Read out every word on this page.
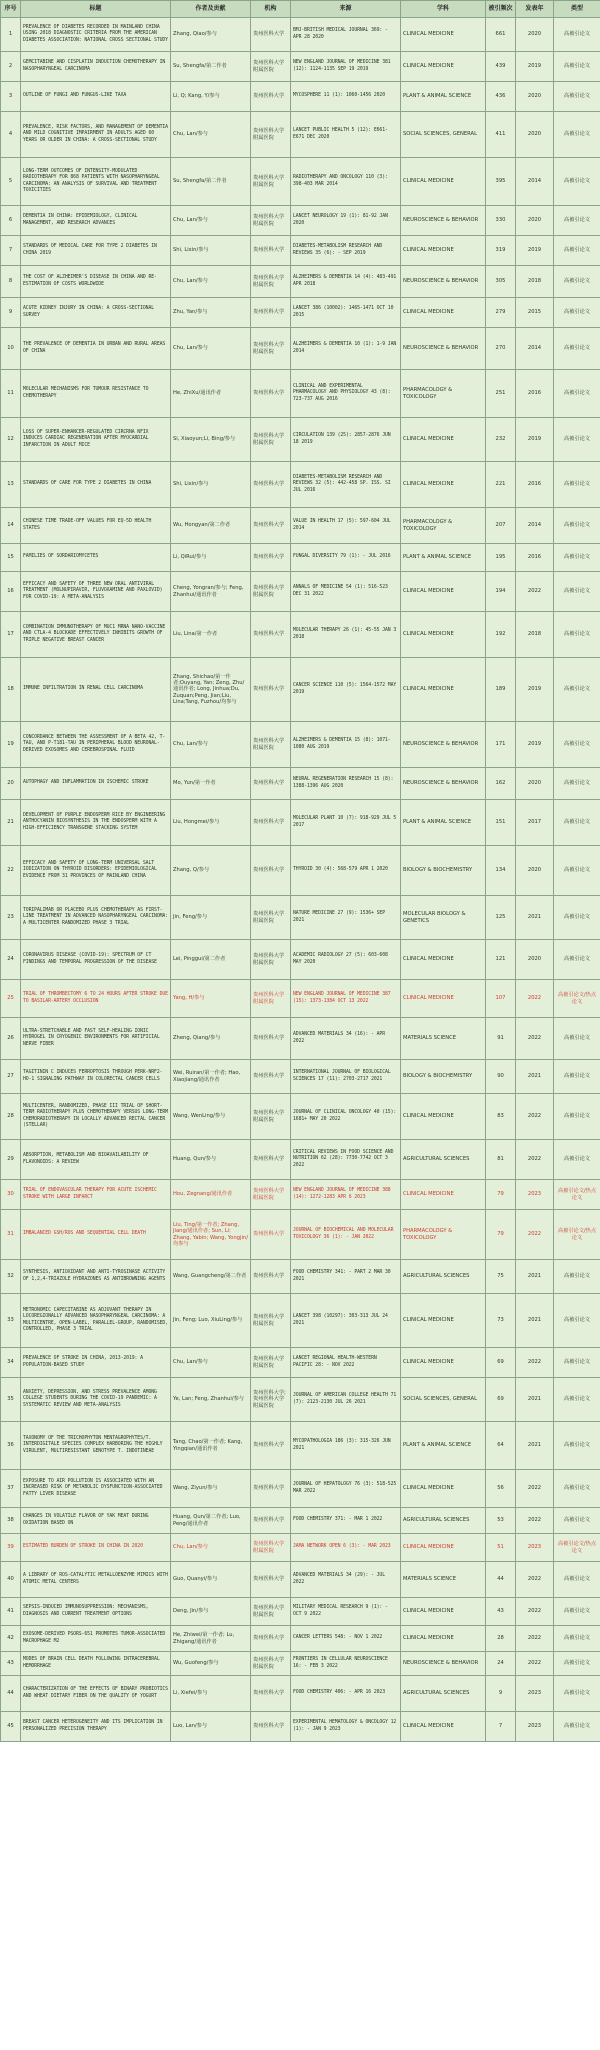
序号	标题	作者及贡献	机构	来源	学科	被引频次	发表年	类型
1	PREVALENCE OF DIABETES RECORDED IN MAINLAND CHINA USING 2018 DIAGNOSTIC CRITERIA FROM THE AMERICAN DIABETES ASSOCIATION: NATIONAL CROSS SECTIONAL STUDY	Zhang, Qiao/参与	贵州医科大学	BMJ-BRITISH MEDICAL JOURNAL 369: - APR 28 2020	CLINICAL MEDICINE	661	2020	高被引论文
2	GEMCITABINE AND CISPLATIN INDUCTION CHEMOTHERAPY IN NASOPHARYNGEAL CARCINOMA	Su, Shengfa/第二作者	贵州医科大学附属医院	NEW ENGLAND JOURNAL OF MEDICINE 381 (12): 1124-1135 SEP 19 2019	CLINICAL MEDICINE	439	2019	高被引论文
3	OUTLINE OF FUNGI AND FUNGUS-LIKE TAXA	Li, Q; Kang, Y/参与	贵州医科大学	MYCOSPHERE 11 (1): 1060-1456 2020	PLANT & ANIMAL SCIENCE	436	2020	高被引论文
4	PREVALENCE, RISK FACTORS, AND MANAGEMENT OF DEMENTIA AND MILD COGNITIVE IMPAIRMENT IN ADULTS AGED 60 YEARS OR OLDER IN CHINA: A CROSS-SECTIONAL STUDY	Chu, Lan/参与	贵州医科大学附属医院	LANCET PUBLIC HEALTH 5 (12): E661-E671 DEC 2020	SOCIAL SCIENCES, GENERAL	411	2020	高被引论文
5	LONG-TERM OUTCOMES OF INTENSITY-MODULATED RADIOTHERAPY FOR 868 PATIENTS WITH NASOPHARYNGEAL CARCINOMA: AN ANALYSIS OF SURVIVAL AND TREATMENT TOXICITIES	Su, Shengfa/第二作者	贵州医科大学附属医院	RADIOTHERAPY AND ONCOLOGY 110 (3): 398-403 MAR 2014	CLINICAL MEDICINE	395	2014	高被引论文
6	DEMENTIA IN CHINA: EPIDEMIOLOGY, CLINICAL MANAGEMENT, AND RESEARCH ADVANCES	Chu, Lan/参与	贵州医科大学附属医院	LANCET NEUROLOGY 19 (1): 81-92 JAN 2020	NEUROSCIENCE & BEHAVIOR	330	2020	高被引论文
7	STANDARDS OF MEDICAL CARE FOR TYPE 2 DIABETES IN CHINA 2019	Shi, Lixin/参与	贵州医科大学	DIABETES-METABOLISM RESEARCH AND REVIEWS 35 (6): - SEP 2019	CLINICAL MEDICINE	319	2019	高被引论文
8	THE COST OF ALZHEIMER'S DISEASE IN CHINA AND RE-ESTIMATION OF COSTS WORLDWIDE	Chu, Lan/参与	贵州医科大学附属医院	ALZHEIMERS & DEMENTIA 14 (4): 483-491 APR 2018	NEUROSCIENCE & BEHAVIOR	305	2018	高被引论文
9	ACUTE KIDNEY INJURY IN CHINA: A CROSS-SECTIONAL SURVEY	Zhu, Yan/参与	贵州医科大学	LANCET 386 (10002): 1465-1471 OCT 10 2015	CLINICAL MEDICINE	279	2015	高被引论文
10	THE PREVALENCE OF DEMENTIA IN URBAN AND RURAL AREAS OF CHINA	Chu, Lan/参与	贵州医科大学附属医院	ALZHEIMERS & DEMENTIA 10 (1): 1-9 JAN 2014	NEUROSCIENCE & BEHAVIOR	270	2014	高被引论文
11	MOLECULAR MECHANISMS FOR TUMOUR RESISTANCE TO CHEMOTHERAPY	He, ZhiXu/通讯作者	贵州医科大学	CLINICAL AND EXPERIMENTAL PHARMACOLOGY AND PHYSIOLOGY 43 (8): 723-737 AUG 2016	PHARMACOLOGY & TOXICOLOGY	251	2016	高被引论文
12	LOSS OF SUPER-ENHANCER-REGULATED CIRCRNA NFIX INDUCES CARDIAC REGENERATION AFTER MYOCARDIAL INFARCTION IN ADULT MICE	Si, Xiaoyun;Li, Bing/参与	贵州医科大学附属医院	CIRCULATION 139 (25): 2857-2876 JUN 18 2019	CLINICAL MEDICINE	232	2019	高被引论文
13	STANDARDS OF CARE FOR TYPE 2 DIABETES IN CHINA	Shi, Lixin/参与	贵州医科大学	DIABETES-METABOLISM RESEARCH AND REVIEWS 32 (5): 442-458 SP. ISS. SI JUL 2016	CLINICAL MEDICINE	221	2016	高被引论文
14	CHINESE TIME TRADE-OFF VALUES FOR EQ-5D HEALTH STATES	Wu, Hongyan/第二作者	贵州医科大学	VALUE IN HEALTH 17 (5): 597-604 JUL 2014	PHARMACOLOGY & TOXICOLOGY	207	2014	高被引论文
15	FAMILIES OF SORDARIOMYCETES	Li, QiRui/参与	贵州医科大学	FUNGAL DIVERSITY 79 (1): - JUL 2016	PLANT & ANIMAL SCIENCE	195	2016	高被引论文
16	EFFICACY AND SAFETY OF THREE NEW ORAL ANTIVIRAL TREATMENT (MOLNUPIRAVIR, FLUVOXAMINE AND PAXLOVID) FOR COVID-19: A META-ANALYSIS	Cheng, Yongran/参与; Feng, Zhanhui/通讯作者	贵州医科大学附属医院	ANNALS OF MEDICINE 54 (1): 516-523 DEC 31 2022	CLINICAL MEDICINE	194	2022	高被引论文
17	COMBINATION IMMUNOTHERAPY OF MUC1 MRNA NANO-VACCINE AND CTLA-4 BLOCKADE EFFECTIVELY INHIBITS GROWTH OF TRIPLE NEGATIVE BREAST CANCER	Liu, Lina/第一作者	贵州医科大学	MOLECULAR THERAPY 26 (1): 45-55 JAN 3 2018	CLINICAL MEDICINE	192	2018	高被引论文
18	IMMUNE INFILTRATION IN RENAL CELL CARCINOMA	Zhang, Shichao/第一作者;Ouyang, Yan; Zeng, Zhu/通讯作者; Long, Jinhua;Du, Zuquan;Peng, Jian;Liu, Lina;Tang, Fuzhou/均参与	贵州医科大学	CANCER SCIENCE 110 (5): 1564-1572 MAY 2019	CLINICAL MEDICINE	189	2019	高被引论文
19	CONCORDANCE BETWEEN THE ASSESSMENT OF A BETA 42, T-TAU, AND P-T181-TAU IN PERIPHERAL BLOOD NEURONAL-DERIVED EXOSOMES AND CEREBROSPINAL FLUID	Chu, Lan/参与	贵州医科大学附属医院	ALZHEIMERS & DEMENTIA 15 (8): 1071-1080 AUG 2019	NEUROSCIENCE & BEHAVIOR	171	2019	高被引论文
20	AUTOPHAGY AND INFLAMMATION IN ISCHEMIC STROKE	Mo, Yun/第一作者	贵州医科大学	NEURAL REGENERATION RESEARCH 15 (8): 1388-1396 AUG 2020	NEUROSCIENCE & BEHAVIOR	162	2020	高被引论文
21	DEVELOPMENT OF PURPLE ENDOSPERM RICE BY ENGINEERING ANTHOCYANIN BIOSYNTHESIS IN THE ENDOSPERM WITH A HIGH-EFFICIENCY TRANSGENE STACKING SYSTEM	Liu, Hongmei/参与	贵州医科大学	MOLECULAR PLANT 10 (7): 918-929 JUL 5 2017	PLANT & ANIMAL SCIENCE	151	2017	高被引论文
22	EFFICACY AND SAFETY OF LONG-TERM UNIVERSAL SALT IODIZATION ON THYROID DISORDERS: EPIDEMIOLOGICAL EVIDENCE FROM 31 PROVINCES OF MAINLAND CHINA	Zhang, Q/参与	贵州医科大学	THYROID 30 (4): 568-579 APR 1 2020	BIOLOGY & BIOCHEMISTRY	134	2020	高被引论文
23	TORIPALIMAB OR PLACEBO PLUS CHEMOTHERAPY AS FIRST-LINE TREATMENT IN ADVANCED NASOPHARYNGEAL CARCINOMA: A MULTICENTER RANDOMIZED PHASE 3 TRIAL	Jin, Feng/参与	贵州医科大学附属医院	NATURE MEDICINE 27 (9): 1536+ SEP 2021	MOLECULAR BIOLOGY & GENETICS	125	2021	高被引论文
24	CORONAVIRUS DISEASE (COVID-19): SPECTRUM OF CT FINDINGS AND TEMPORAL PROGRESSION OF THE DISEASE	Lei, Pinggui/第二作者	贵州医科大学附属医院	ACADEMIC RADIOLOGY 27 (5): 603-608 MAY 2020	CLINICAL MEDICINE	121	2020	高被引论文
25	TRIAL OF THROMBECTOMY 6 TO 24 HOURS AFTER STROKE DUE TO BASILAR-ARTERY OCCLUSION	Yang, H/参与	贵州医科大学附属医院	NEW ENGLAND JOURNAL OF MEDICINE 387 (15): 1373-1384 OCT 13 2022	CLINICAL MEDICINE	107	2022	高被引论文/热点论文
26	ULTRA-STRETCHABLE AND FAST SELF-HEALING IONIC HYDROGEL IN CRYOGENIC ENVIRONMENTS FOR ARTIFICIAL NERVE FIBER	Zheng, Qiang/参与	贵州医科大学	ADVANCED MATERIALS 34 (16): - APR 2022	MATERIALS SCIENCE	91	2022	高被引论文
27	TAGITININ C INDUCES FERROPTOSIS THROUGH PERK-NRF2-HO-1 SIGNALING PATHWAY IN COLORECTAL CANCER CELLS	Wei, Ruiran/第一作者; Hao, Xiaojiang/通讯作者	贵州医科大学	INTERNATIONAL JOURNAL OF BIOLOGICAL SCIENCES 17 (11): 2703-2717 2021	BIOLOGY & BIOCHEMISTRY	90	2021	高被引论文
28	MULTICENTER, RANDOMIZED, PHASE III TRIAL OF SHORT-TERM RADIOTHERAPY PLUS CHEMOTHERAPY VERSUS LONG-TERM CHEMORADIOTHERAPY IN LOCALLY ADVANCED RECTAL CANCER (STELLAR)	Wang, WenLing/参与	贵州医科大学附属医院	JOURNAL OF CLINICAL ONCOLOGY 40 (15): 1681+ MAY 20 2022	CLINICAL MEDICINE	83	2022	高被引论文
29	ABSORPTION, METABOLISM AND BIOAVAILABILITY OF FLAVONOIDS: A REVIEW	Huang, Qun/参与	贵州医科大学	CRITICAL REVIEWS IN FOOD SCIENCE AND NUTRITION 62 (28): 7730-7742 OCT 3 2022	AGRICULTURAL SCIENCES	81	2022	高被引论文
30	TRIAL OF ENDOVASCULAR THERAPY FOR ACUTE ISCHEMIC STROKE WITH LARGE INFARCT	Hou, Zegnang/通讯作者	贵州医科大学附属医院	NEW ENGLAND JOURNAL OF MEDICINE 388 (14): 1272-1283 APR 6 2023	CLINICAL MEDICINE	79	2023	高被引论文/热点论文
31	IMBALANCED GSH/ROS AND SEQUENTIAL CELL DEATH	Liu, Ting/第一作者; Zhang, Jiang/通讯作者; Sun, Li; Zhang, Yabin; Wang, Yongjin/均参与	贵州医科大学	JOURNAL OF BIOCHEMICAL AND MOLECULAR TOXICOLOGY 36 (1): - JAN 2022	PHARMACOLOGY & TOXICOLOGY	79	2022	高被引论文/热点论文
32	SYNTHESIS, ANTIOXIDANT AND ANTI-TYROSINASE ACTIVITY OF 1,2,4-TRIAZOLE HYDRAZONES AS ANTIBROWNING AGENTS	Wang, Guangcheng/第二作者	贵州医科大学	FOOD CHEMISTRY 341: - PART 2 MAR 30 2021	AGRICULTURAL SCIENCES	75	2021	高被引论文
33	METRONOMIC CAPECITABINE AS ADJUVANT THERAPY IN LOCOREGIONALLY ADVANCED NASOPHARYNGEAL CARCINOMA: A MULTICENTRE, OPEN-LABEL, PARALLEL-GROUP, RANDOMISED, CONTROLLED, PHASE 3 TRIAL	Jin, Feng; Luo, XiuLing/参与	贵州医科大学附属医院	LANCET 398 (10297): 303-313 JUL 24 2021	CLINICAL MEDICINE	73	2021	高被引论文
34	PREVALENCE OF STROKE IN CHINA, 2013-2019: A POPULATION-BASED STUDY	Chu, Lan/参与	贵州医科大学附属医院	LANCET REGIONAL HEALTH-WESTERN PACIFIC 28: - NOV 2022	CLINICAL MEDICINE	69	2022	高被引论文
35	ANXIETY, DEPRESSION, AND STRESS PREVALENCE AMONG COLLEGE STUDENTS DURING THE COVID-19 PANDEMIC: A SYSTEMATIC REVIEW AND META-ANALYSIS	Ye, Lan; Feng, Zhanhui/参与	贵州医科大学;贵州医科大学附属医院	JOURNAL OF AMERICAN COLLEGE HEALTH 71 (7): 2123-2130 JUL 26 2021	SOCIAL SCIENCES, GENERAL	69	2021	高被引论文
36	TAXONOMY OF THE TRICHOPHYTON MENTAGROPHYTES/T. INTERDIGITALE SPECIES COMPLEX HARBORING THE HIGHLY VIRULENT, MULTIRESISTANT GENOTYPE T. INDOTINEAE	Tang, Chao/第一作者; Kang, Yingqian/通讯作者	贵州医科大学	MYCOPATHOLOGIA 186 (3): 315-326 JUN 2021	PLANT & ANIMAL SCIENCE	64	2021	高被引论文
37	EXPOSURE TO AIR POLLUTION IS ASSOCIATED WITH AN INCREASED RISK OF METABOLIC DYSFUNCTION-ASSOCIATED FATTY LIVER DISEASE	Wang, Ziyun/参与	贵州医科大学	JOURNAL OF HEPATOLOGY 76 (3): 518-525 MAR 2022	CLINICAL MEDICINE	56	2022	高被引论文
38	CHANGES IN VOLATILE FLAVOR OF YAK MEAT DURING OXIDATION BASED ON	Huang, Qun/第二作者; Luo, Peng/通讯作者	贵州医科大学	FOOD CHEMISTRY 371: - MAR 1 2022	AGRICULTURAL SCIENCES	53	2022	高被引论文
39	ESTIMATED BURDEN OF STROKE IN CHINA IN 2020	Chu, Lan/参与	贵州医科大学附属医院	JAMA NETWORK OPEN 6 (3): - MAR 2023	CLINICAL MEDICINE	51	2023	高被引论文/热点论文
40	A LIBRARY OF ROS-CATALYTIC METALLOENZYME MIMICS WITH ATOMIC METAL CENTERS	Guo, Quanyi/参与	贵州医科大学	ADVANCED MATERIALS 34 (29): - JUL 2022	MATERIALS SCIENCE	44	2022	高被引论文
41	SEPSIS-INDUCED IMMUNOSUPPRESSION: MECHANISMS, DIAGNOSIS AND CURRENT TREATMENT OPTIONS	Deng, Jin/参与	贵州医科大学附属医院	MILITARY MEDICAL RESEARCH 9 (1): - OCT 9 2022	CLINICAL MEDICINE	43	2022	高被引论文
42	EXOSOME-DERIVED PSORS-651 PROMOTES TUMOR-ASSOCIATED MACROPHAGE M2	He, Zhiwei/第一作者; Lu, Zhigang/通讯作者	贵州医科大学	CANCER LETTERS 548: - NOV 1 2022	CLINICAL MEDICINE	28	2022	高被引论文
43	MODES OF BRAIN CELL DEATH FOLLOWING INTRACEREBRAL HEMORRHAGE	Wu, Guofeng/参与	贵州医科大学附属医院	FRONTIERS IN CELLULAR NEUROSCIENCE 16: - FEB 3 2022	NEUROSCIENCE & BEHAVIOR	24	2022	高被引论文
44	CHARACTERIZATION OF THE EFFECTS OF BINARY PROBIOTICS AND WHEAT DIETARY FIBER ON THE QUALITY OF YOGURT	Li, Xiefei/参与	贵州医科大学	FOOD CHEMISTRY 406: - APR 16 2023	AGRICULTURAL SCIENCES	9	2023	高被引论文
45	BREAST CANCER HETEROGENEITY AND ITS IMPLICATION IN PERSONALIZED PRECISION THERAPY	Luo, Lan/参与	贵州医科大学	EXPERIMENTAL HEMATOLOGY & ONCOLOGY 12 (1): - JAN 9 2023	CLINICAL MEDICINE	7	2023	高被引论文
